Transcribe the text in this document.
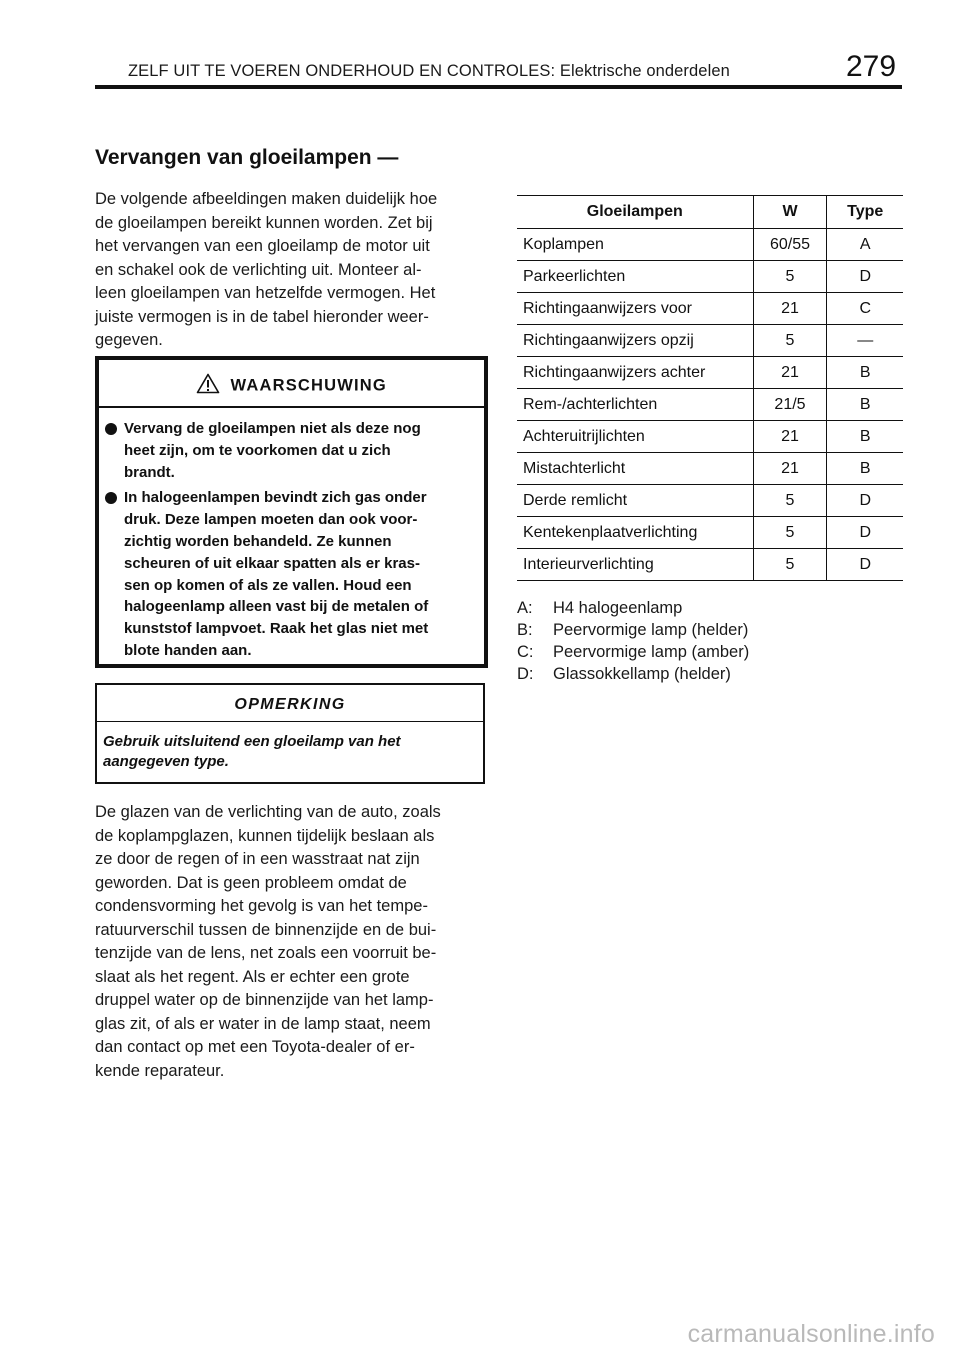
ZELF UIT TE VOEREN ONDERHOUD EN CONTROLES: Elektrische onderdelen	279
Vervangen van gloeilampen —
De volgende afbeeldingen maken duidelijk hoe
de gloeilampen bereikt kunnen worden. Zet bij
het vervangen van een gloeilamp de motor uit
en schakel ook de verlichting uit. Monteer al-
leen gloeilampen van hetzelfde vermogen. Het
juiste vermogen is in de tabel hieronder weer-
gegeven.
WAARSCHUWING
Vervang de gloeilampen niet als deze nog
heet zijn, om te voorkomen dat u zich
brandt.
In halogeenlampen bevindt zich gas onder
druk. Deze lampen moeten dan ook voor-
zichtig worden behandeld. Ze kunnen
scheuren of uit elkaar spatten als er kras-
sen op komen of als ze vallen. Houd een
halogeenlamp alleen vast bij de metalen of
kunststof lampvoet. Raak het glas niet met
blote handen aan.
OPMERKING
Gebruik uitsluitend een gloeilamp van het
aangegeven type.
De glazen van de verlichting van de auto, zoals
de koplampglazen, kunnen tijdelijk beslaan als
ze door de regen of in een wasstraat nat zijn
geworden. Dat is geen probleem omdat de
condensvorming het gevolg is van het tempe-
ratuurverschil tussen de binnenzijde en de bui-
tenzijde van de lens, net zoals een voorruit be-
slaat als het regent. Als er echter een grote
druppel water op de binnenzijde van het lamp-
glas zit, of als er water in de lamp staat, neem
dan contact op met een Toyota-dealer of er-
kende reparateur.
Gloeilampen	W	Type
Koplampen	60/55	A
Parkeerlichten	5	D
Richtingaanwijzers voor	21	C
Richtingaanwijzers opzij	5	—
Richtingaanwijzers achter	21	B
Rem-/achterlichten	21/5	B
Achteruitrijlichten	21	B
Mistachterlicht	21	B
Derde remlicht	5	D
Kentekenplaatverlichting	5	D
Interieurverlichting	5	D
A:	H4 halogeenlamp
B:	Peervormige lamp (helder)
C:	Peervormige lamp (amber)
D:	Glassokkellamp (helder)
carmanualsonline.info
